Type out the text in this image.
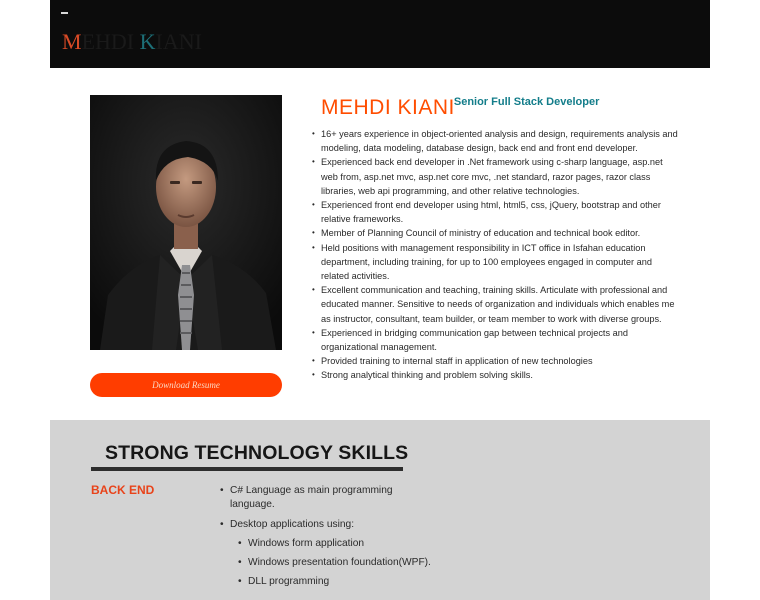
MEHDI KIANI
Download Resume
MEHDI KIANISenior Full Stack Developer
• 16+ years experience in object-oriented analysis and design, requirements analysis and modeling, data modeling, database design, back end and front end developer.
• Experienced back end developer in .Net framework using c-sharp language, asp.net web from, asp.net mvc, asp.net core mvc, .net standard, razor pages, razor class libraries, web api programming, and other relative technologies.
• Experienced front end developer using html, html5, css, jQuery, bootstrap and other relative frameworks.
• Member of Planning Council of ministry of education and technical book editor.
• Held positions with management responsibility in ICT office in Isfahan education department, including training, for up to 100 employees engaged in computer and related activities.
• Excellent communication and teaching, training skills. Articulate with professional and educated manner. Sensitive to needs of organization and individuals which enables me as instructor, consultant, team builder, or team member to work with diverse groups.
• Experienced in bridging communication gap between technical projects and organizational management.
• Provided training to internal staff in application of new technologies
• Strong analytical thinking and problem solving skills.
STRONG TECHNOLOGY SKILLS
BACK END
•	C# Language as main programming language.
• Desktop applications using:
• Windows form application
• Windows presentation foundation(WPF).
• DLL programming
